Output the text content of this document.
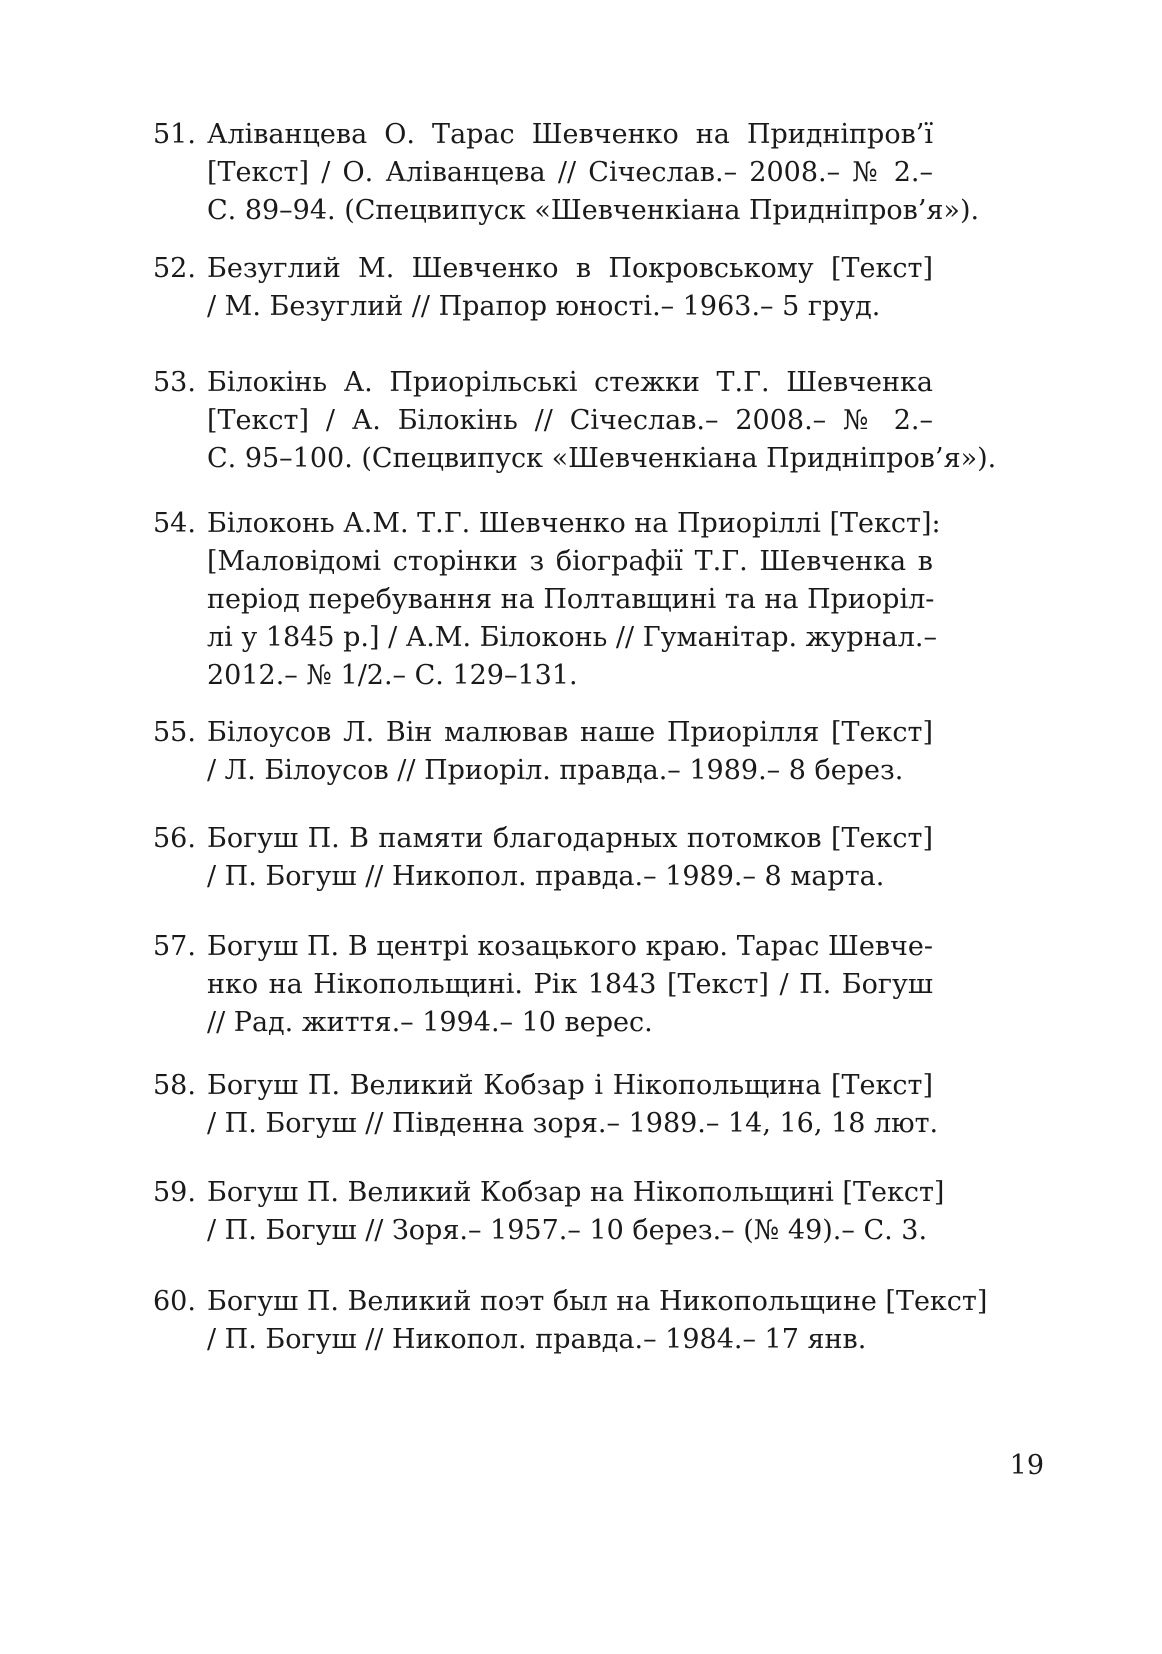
51. Аліванцева О. Тарас Шевченко на Придніпров’ї
[Текст] / О. Аліванцева // Січеслав.– 2008.– № 2.–
С. 89–94. (Спецвипуск «Шевченкіана Придніпров’я»).
52. Безуглий М. Шевченко в Покровському [Текст]
/ М. Безуглий // Прапор юності.– 1963.– 5 груд.
53. Білокінь А. Приорільські стежки Т.Г. Шевченка
[Текст] / А. Білокінь // Січеслав.– 2008.– № 2.–
С. 95–100. (Спецвипуск «Шевченкіана Придніпров’я»).
54. Білоконь А.М. Т.Г. Шевченко на Приоріллі [Текст]:
[Маловідомі сторінки з біографії Т.Г. Шевченка в
період перебування на Полтавщині та на Приоріл-
лі у 1845 р.] / А.М. Білоконь // Гуманітар. журнал.–
2012.– № 1/2.– С. 129–131.
55. Білоусов Л. Він малював наше Приорілля [Текст]
/ Л. Білоусов // Приоріл. правда.– 1989.– 8 берез.
56. Богуш П. В памяти благодарных потомков [Текст]
/ П. Богуш // Никопол. правда.– 1989.– 8 марта.
57. Богуш П. В центрі козацького краю. Тарас Шевче-
нко на Нікопольщині. Рік 1843 [Текст] / П. Богуш
// Рад. життя.– 1994.– 10 верес.
58. Богуш П. Великий Кобзар і Нікопольщина [Текст]
/ П. Богуш // Південна зоря.– 1989.– 14, 16, 18 лют.
59. Богуш П. Великий Кобзар на Нікопольщині [Текст]
/ П. Богуш // Зоря.– 1957.– 10 берез.– (№ 49).– С. 3.
60. Богуш П. Великий поэт был на Никопольщине [Текст]
/ П. Богуш // Никопол. правда.– 1984.– 17 янв.
19
